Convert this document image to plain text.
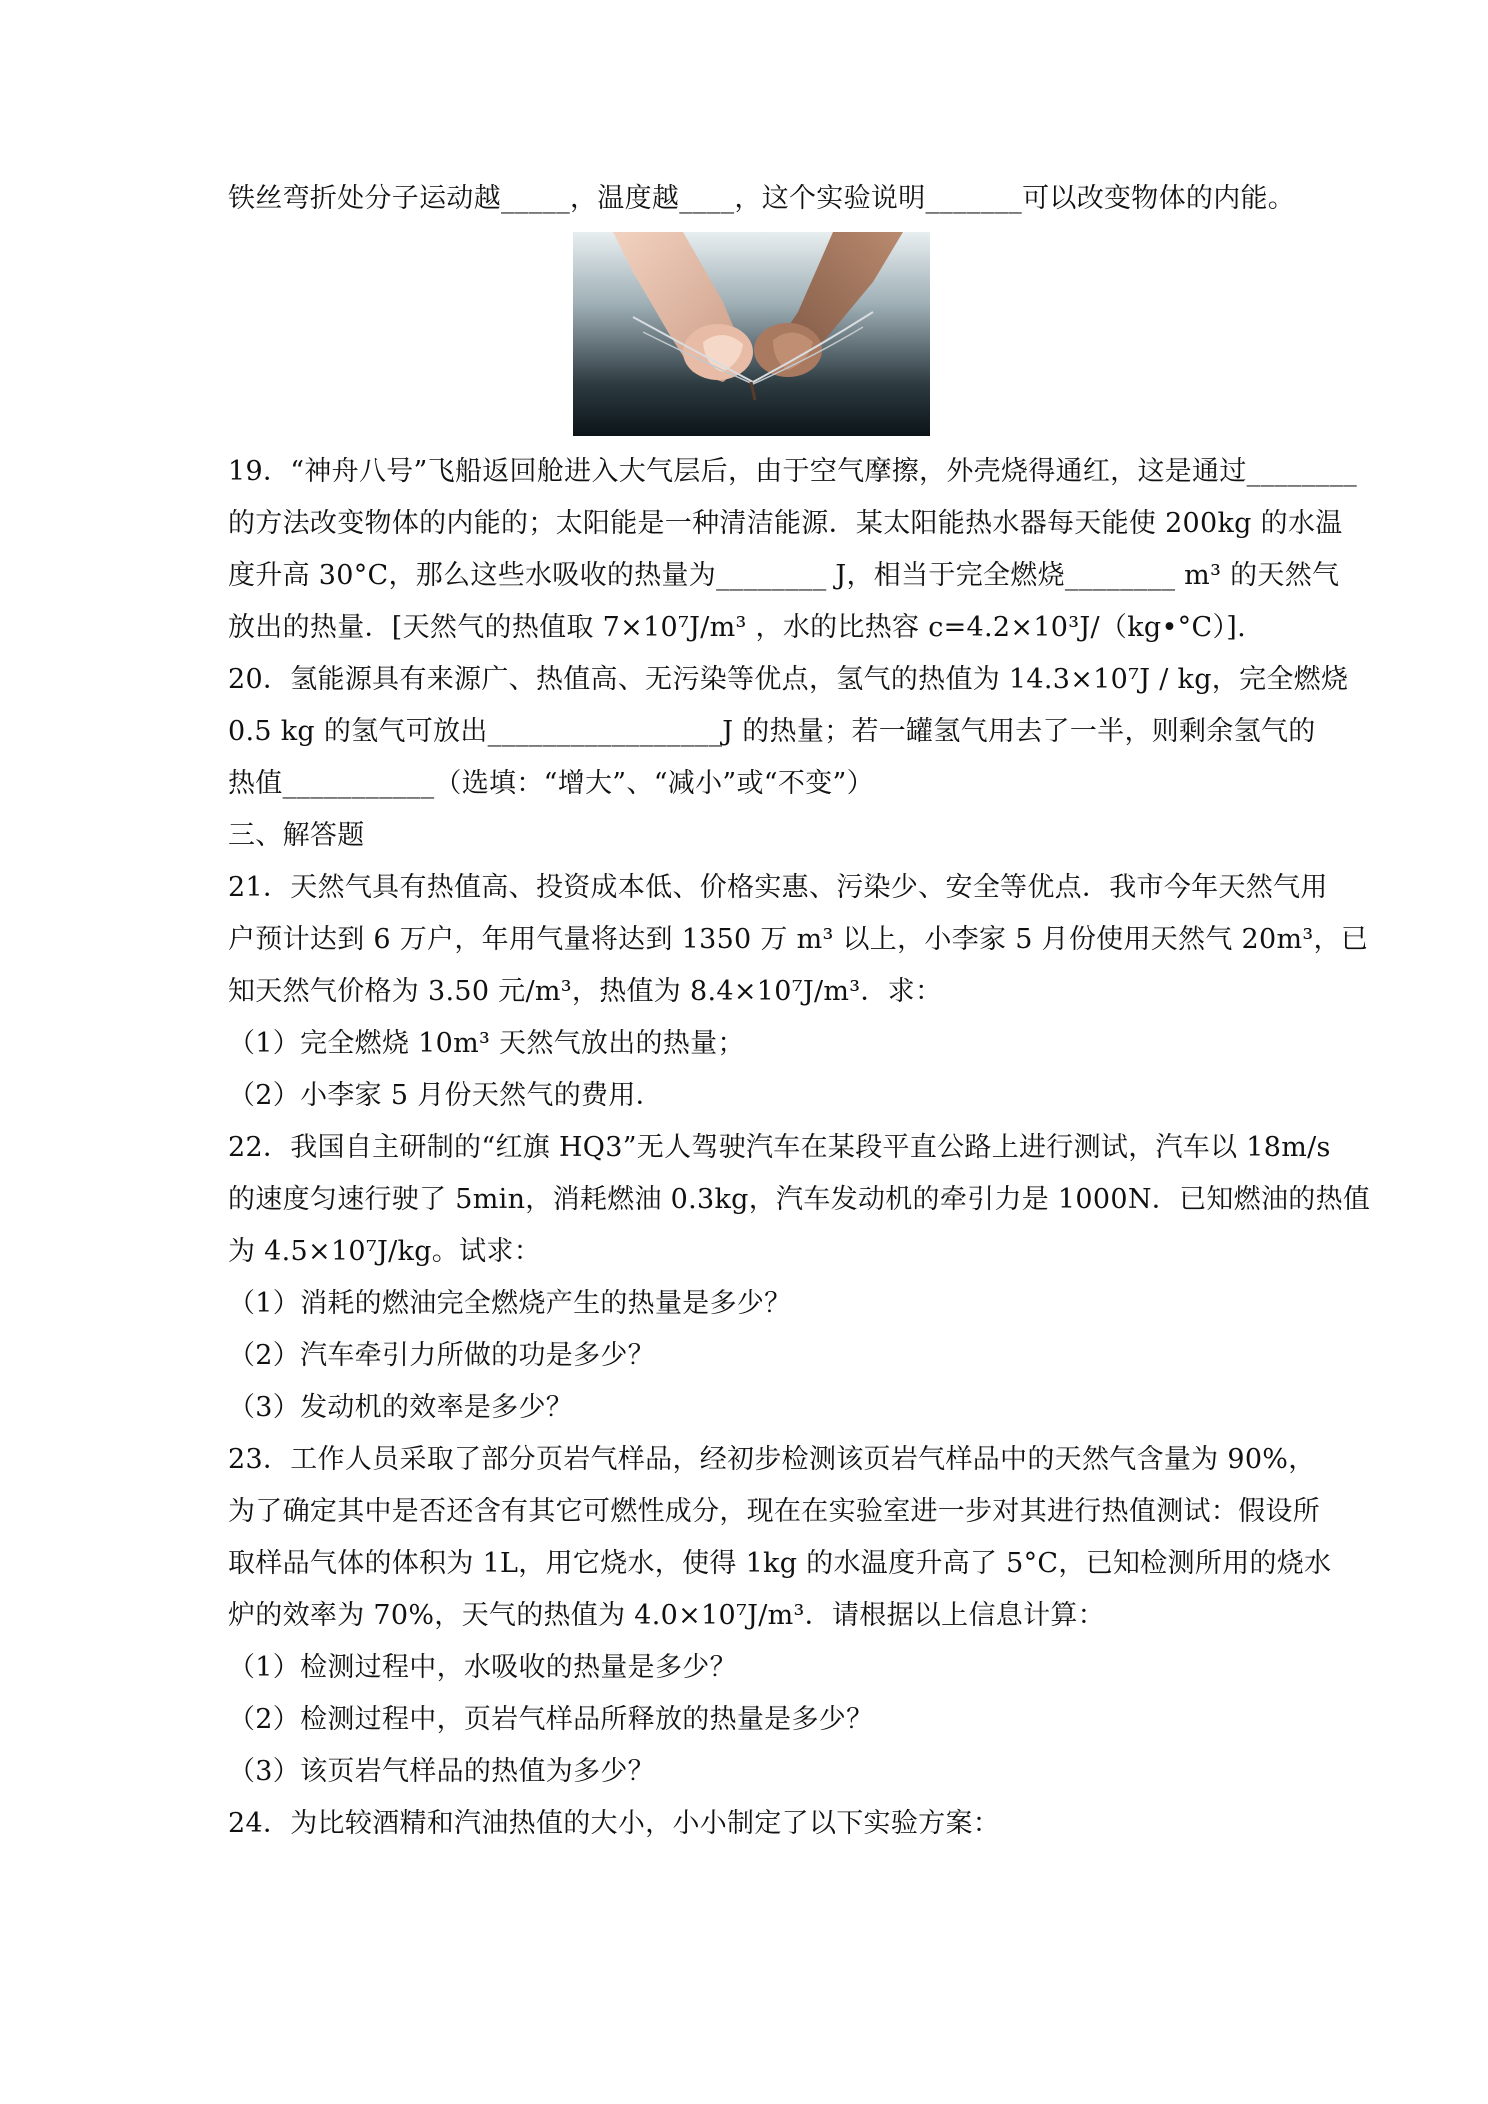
铁丝弯折处分子运动越_____，温度越____，这个实验说明_______可以改变物体的内能。
19．“神舟八号”飞船返回舱进入大气层后，由于空气摩擦，外壳烧得通红，这是通过________
的方法改变物体的内能的；太阳能是一种清洁能源．某太阳能热水器每天能使 200kg 的水温
度升高 30°C，那么这些水吸收的热量为________ J，相当于完全燃烧________ m³ 的天然气
放出的热量．[天然气的热值取 7×10⁷J/m³ ，水的比热容 c=4.2×10³J/（kg•°C）].
20．氢能源具有来源广、热值高、无污染等优点，氢气的热值为 14.3×10⁷J / kg，完全燃烧
0.5 kg 的氢气可放出_________________J 的热量；若一罐氢气用去了一半，则剩余氢气的
热值___________（选填：“增大”、“减小”或“不变”）
三、解答题
21．天然气具有热值高、投资成本低、价格实惠、污染少、安全等优点．我市今年天然气用
户预计达到 6 万户，年用气量将达到 1350 万 m³ 以上，小李家 5 月份使用天然气 20m³，已
知天然气价格为 3.50 元/m³，热值为 8.4×10⁷J/m³．求：
（1）完全燃烧 10m³ 天然气放出的热量；
（2）小李家 5 月份天然气的费用．
22．我国自主研制的“红旗 HQ3”无人驾驶汽车在某段平直公路上进行测试，汽车以 18m/s
的速度匀速行驶了 5min，消耗燃油 0.3kg，汽车发动机的牵引力是 1000N．已知燃油的热值
为 4.5×10⁷J/kg。试求：
（1）消耗的燃油完全燃烧产生的热量是多少？
（2）汽车牵引力所做的功是多少？
（3）发动机的效率是多少？
23．工作人员采取了部分页岩气样品，经初步检测该页岩气样品中的天然气含量为 90%，
为了确定其中是否还含有其它可燃性成分，现在在实验室进一步对其进行热值测试：假设所
取样品气体的体积为 1L，用它烧水，使得 1kg 的水温度升高了 5°C，已知检测所用的烧水
炉的效率为 70%，天气的热值为 4.0×10⁷J/m³．请根据以上信息计算：
（1）检测过程中，水吸收的热量是多少？
（2）检测过程中，页岩气样品所释放的热量是多少？
（3）该页岩气样品的热值为多少？
24．为比较酒精和汽油热值的大小，小小制定了以下实验方案：
